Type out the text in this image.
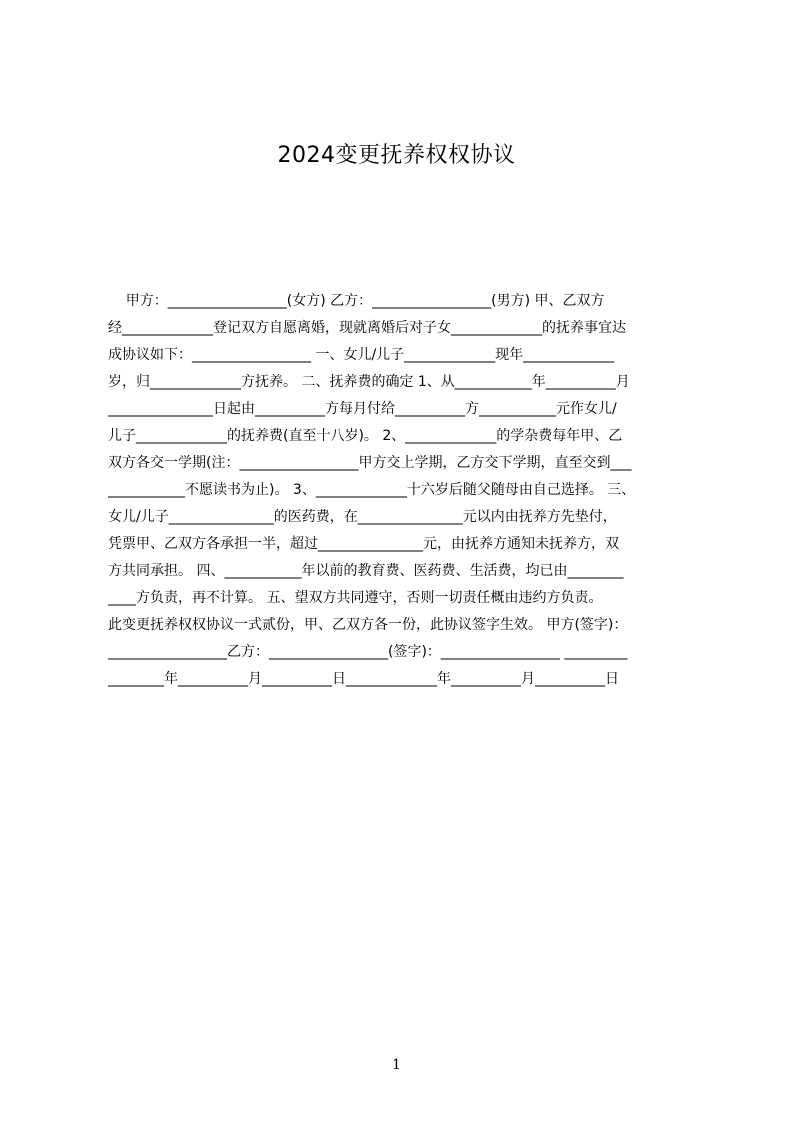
2024变更抚养权权协议
甲方：_________________(女方) 乙方：_________________(男方) 甲、乙双方
经_____________登记双方自愿离婚，现就离婚后对子女_____________的抚养事宜达
成协议如下：_________________ 一、女儿/儿子_____________现年_____________
岁，归_____________方抚养。 二、抚养费的确定 1、从___________年__________月
_______________日起由__________方每月付给__________方___________元作女儿/
儿子_____________的抚养费(直至十八岁)。 2、_____________的学杂费每年甲、乙
双方各交一学期(注：_________________甲方交上学期，乙方交下学期，直至交到___
___________不愿读书为止)。 3、_____________十六岁后随父随母由自己选择。 三、
女儿/儿子_______________的医药费，在_______________元以内由抚养方先垫付，
凭票甲、乙双方各承担一半，超过_______________元，由抚养方通知未抚养方，双
方共同承担。 四、___________年以前的教育费、医药费、生活费，均已由________
____方负责，再不计算。 五、望双方共同遵守，否则一切责任概由违约方负责。
此变更抚养权权协议一式贰份，甲、乙双方各一份，此协议签字生效。 甲方(签字)：
_________________乙方：_________________(签字)：_________________ _________
________年__________月__________日_____________年__________月__________日
1
